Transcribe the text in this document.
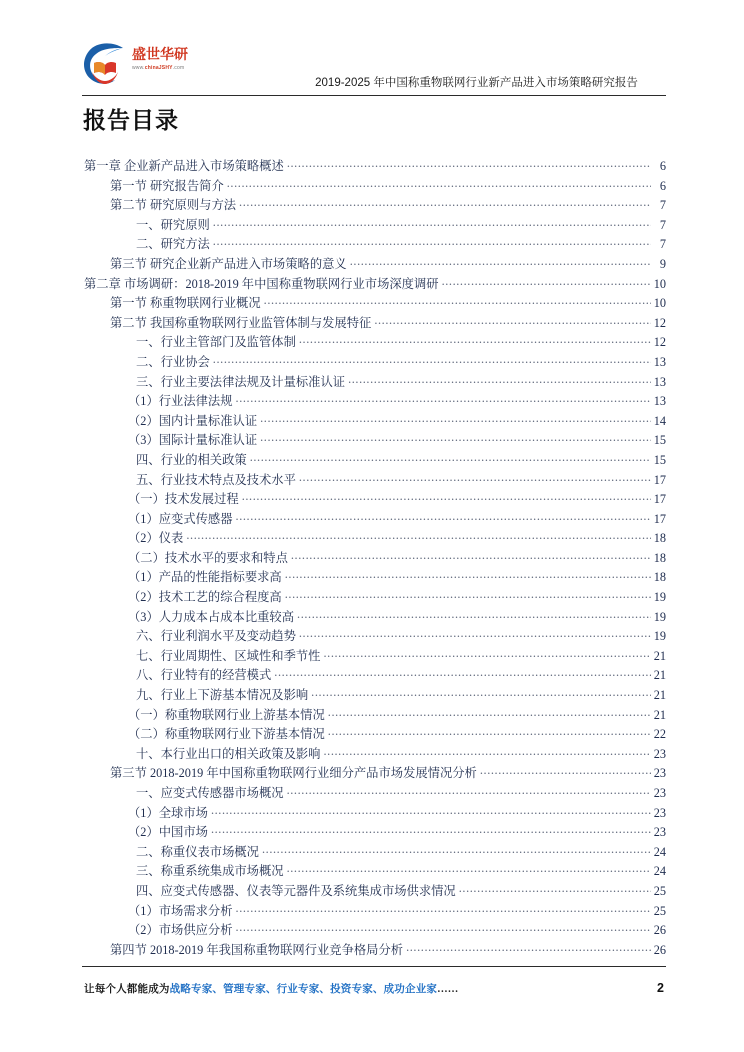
盛世华研
www.chinaJSHY.com
2019-2025 年中国称重物联网行业新产品进入市场策略研究报告
报告目录
第一章 企业新产品进入市场策略概述 .....	6
第一节 研究报告简介 .....	6
第二节 研究原则与方法 .....	7
一、研究原则 .....	7
二、研究方法 .....	7
第三节 研究企业新产品进入市场策略的意义 .....	9
第二章 市场调研：2018-2019 年中国称重物联网行业市场深度调研 .....	10
第一节 称重物联网行业概况 .....	10
第二节 我国称重物联网行业监管体制与发展特征 .....	12
一、行业主管部门及监管体制 .....	12
二、行业协会 .....	13
三、行业主要法律法规及计量标准认证 .....	13
（1）行业法律法规 .....	13
（2）国内计量标准认证 .....	14
（3）国际计量标准认证 .....	15
四、行业的相关政策 .....	15
五、行业技术特点及技术水平 .....	17
（一）技术发展过程 .....	17
（1）应变式传感器 .....	17
（2）仪表 .....	18
（二）技术水平的要求和特点 .....	18
（1）产品的性能指标要求高 .....	18
（2）技术工艺的综合程度高 .....	19
（3）人力成本占成本比重较高 .....	19
六、行业利润水平及变动趋势 .....	19
七、行业周期性、区域性和季节性 .....	21
八、行业特有的经营模式 .....	21
九、行业上下游基本情况及影响 .....	21
（一）称重物联网行业上游基本情况 .....	21
（二）称重物联网行业下游基本情况 .....	22
十、本行业出口的相关政策及影响 .....	23
第三节 2018-2019 年中国称重物联网行业细分产品市场发展情况分析 .....	23
一、应变式传感器市场概况 .....	23
（1）全球市场 .....	23
（2）中国市场 .....	23
二、称重仪表市场概况 .....	24
三、称重系统集成市场概况 .....	24
四、应变式传感器、仪表等元器件及系统集成市场供求情况 .....	25
（1）市场需求分析 .....	25
（2）市场供应分析 .....	26
第四节 2018-2019 年我国称重物联网行业竞争格局分析 .....	26
让每个人都能成为战略专家、管理专家、行业专家、投资专家、成功企业家……	2
